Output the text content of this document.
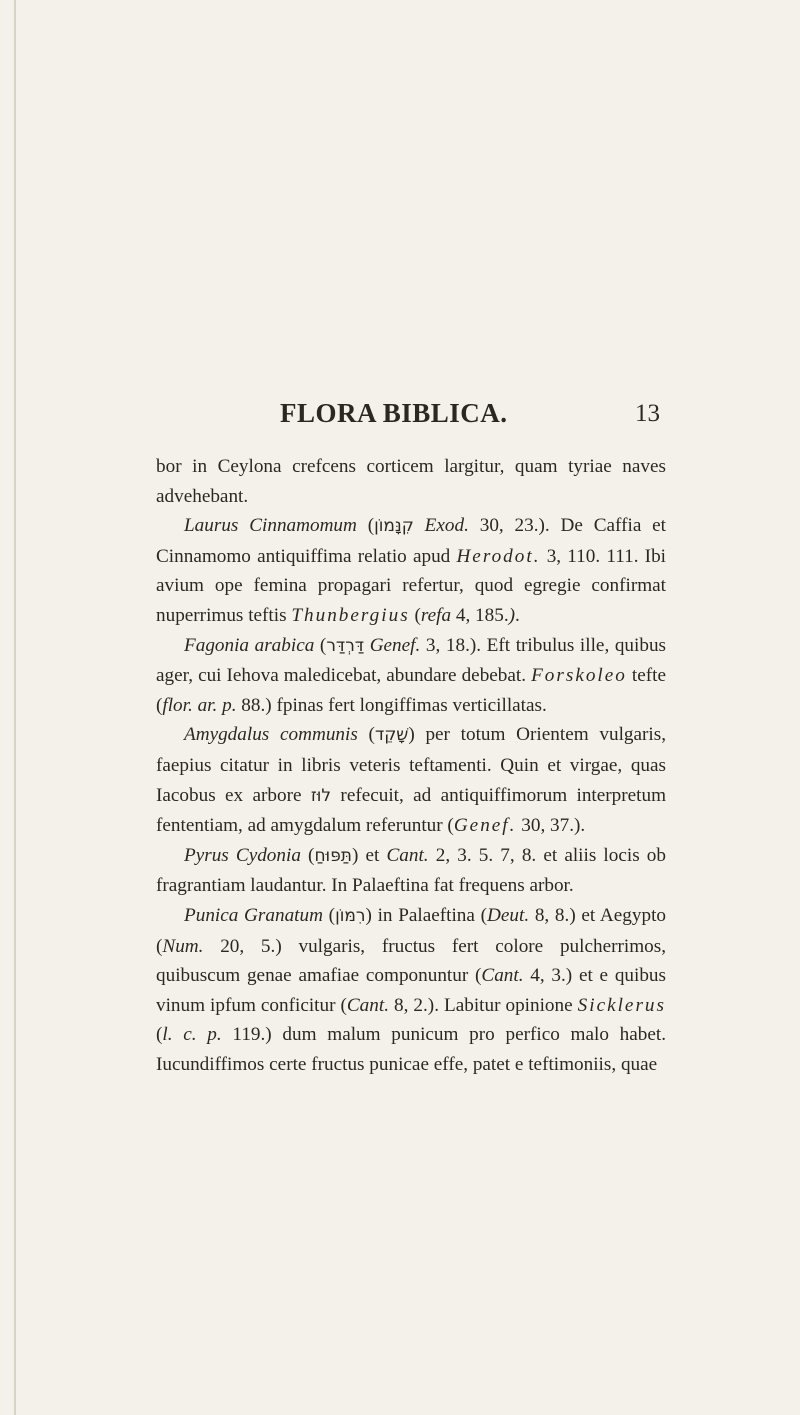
FLORA BIBLICA.	13

bor in Ceylona crefcens corticem largitur, quam tyriae naves advehebant.

Laurus Cinnamomum (קִנָּמוֹן Exod. 30, 23.). De Caffia et Cinnamomo antiquiffima relatio apud Herodot. 3, 110. 111. Ibi avium ope femina propagari refertur, quod egregie confirmat nuperrimus teftis Thunbergius (refa 4, 185.).

Fagonia arabica (דַּרְדַּר Genef. 3, 18.). Eft tribulus ille, quibus ager, cui Iehova maledicebat, abundare debebat. Forskoleo tefte (flor. ar. p. 88.) fpinas fert longiffimas verticillatas.

Amygdalus communis (שָׁקֵד) per totum Orientem vulgaris, faepius citatur in libris veteris teftamenti. Quin et virgae, quas Iacobus ex arbore לוּז refecuit, ad antiquiffimorum interpretum fententiam, ad amygdalum referuntur (Genef. 30, 37.).

Pyrus Cydonia (תַּפּוּחַ) et Cant. 2, 3. 5. 7, 8. et aliis locis ob fragrantiam laudantur. In Palaeftina fat frequens arbor.

Punica Granatum (רִמּוֹן) in Palaeftina (Deut. 8, 8.) et Aegypto (Num. 20, 5.) vulgaris, fructus fert colore pulcherrimos, quibuscum genae amafiae componuntur (Cant. 4, 3.) et e quibus vinum ipfum conficitur (Cant. 8, 2.). Labitur opinione Sicklerus (l. c. p. 119.) dum malum punicum pro perfico malo habet. Iucundiffimos certe fructus punicae effe, patet e teftimoniis, quae
